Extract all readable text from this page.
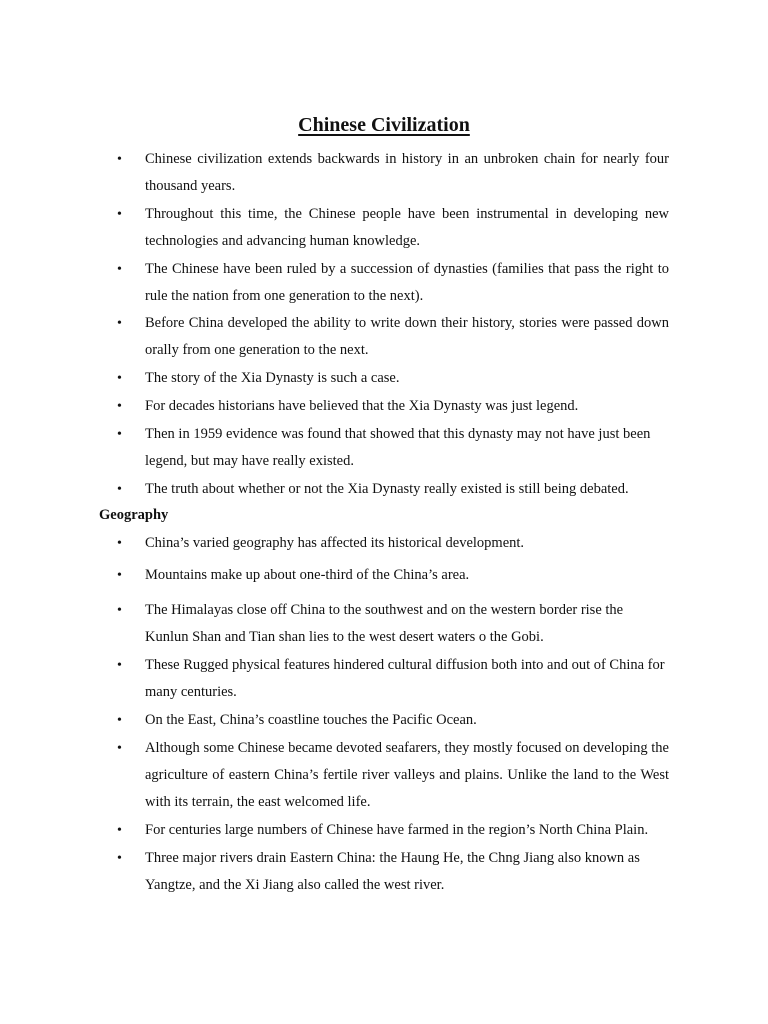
Chinese Civilization
• Chinese civilization extends backwards in history in an unbroken chain for nearly four thousand years.
• Throughout this time, the Chinese people have been instrumental in developing new technologies and advancing human knowledge.
• The Chinese have been ruled by a succession of dynasties (families that pass the right to rule the nation from one generation to the next).
• Before China developed the ability to write down their history, stories were passed down orally from one generation to the next.
• The story of the Xia Dynasty is such a case.
• For decades historians have believed that the Xia Dynasty was just legend.
• Then in 1959 evidence was found that showed that this dynasty may not have just been legend, but may have really existed.
• The truth about whether or not the Xia Dynasty really existed is still being debated.
Geography
• China’s varied geography has affected its historical development.
• Mountains make up about one-third of the China’s area.
• The Himalayas close off China to the southwest and on the western border rise the Kunlun Shan and Tian shan lies to the west desert waters o the Gobi.
• These Rugged physical features hindered cultural diffusion both into and out of China for many centuries.
• On the East, China’s coastline touches the Pacific Ocean.
• Although some Chinese became devoted seafarers, they mostly focused on developing the agriculture of eastern China’s fertile river valleys and plains. Unlike the land to the West with its terrain, the east welcomed life.
• For centuries large numbers of Chinese have farmed in the region’s North China Plain.
• Three major rivers drain Eastern China: the Haung He, the Chng Jiang also known as Yangtze, and the Xi Jiang also called the west river.
